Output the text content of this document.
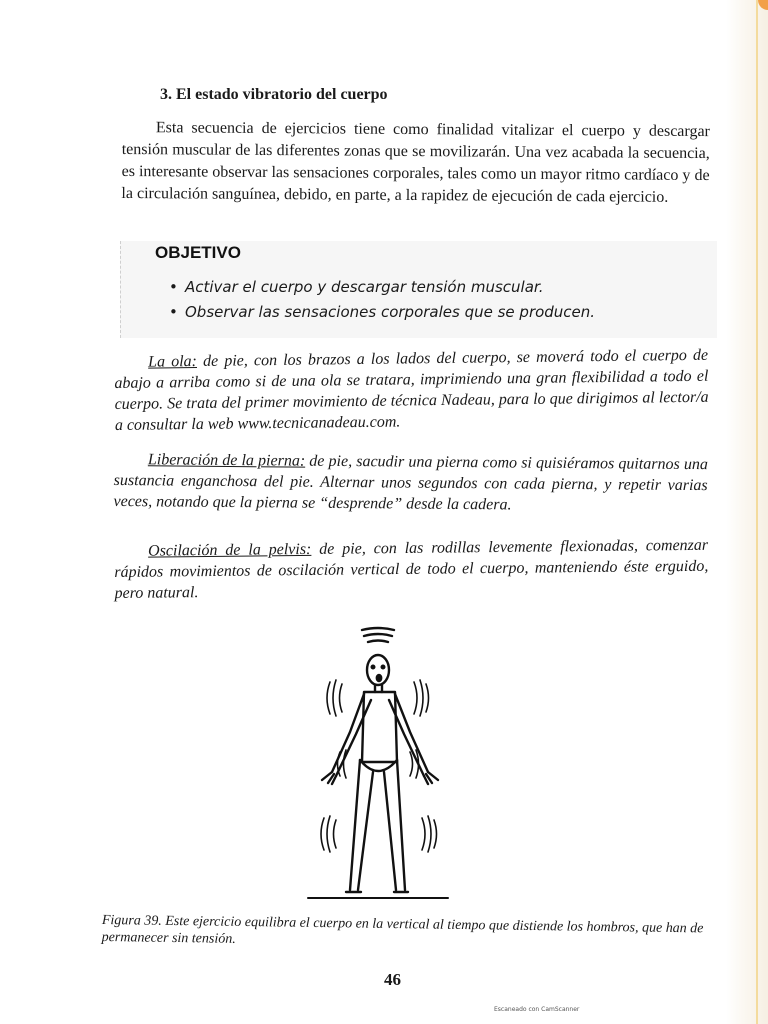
3. El estado vibratorio del cuerpo
Esta secuencia de ejercicios tiene como finalidad vitalizar el cuerpo y descargar tensión muscular de las diferentes zonas que se movilizarán. Una vez acabada la secuencia, es interesante observar las sensaciones corporales, tales como un mayor ritmo cardíaco y de la circulación sanguínea, debido, en parte, a la rapidez de ejecución de cada ejercicio.
OBJETIVO
• Activar el cuerpo y descargar tensión muscular.
• Observar las sensaciones corporales que se producen.
La ola: de pie, con los brazos a los lados del cuerpo, se moverá todo el cuerpo de abajo a arriba como si de una ola se tratara, imprimiendo una gran flexibilidad a todo el cuerpo. Se trata del primer movimiento de técnica Nadeau, para lo que dirigimos al lector/a a consultar la web www.tecnicanadeau.com.
Liberación de la pierna: de pie, sacudir una pierna como si quisiéramos quitarnos una sustancia enganchosa del pie. Alternar unos segundos con cada pierna, y repetir varias veces, notando que la pierna se “desprende” desde la cadera.
Oscilación de la pelvis: de pie, con las rodillas levemente flexionadas, comenzar rápidos movimientos de oscilación vertical de todo el cuerpo, manteniendo éste erguido, pero natural.
Figura 39. Este ejercicio equilibra el cuerpo en la vertical al tiempo que distiende los hombros, que han de permanecer sin tensión.
46
Escaneado con CamScanner
